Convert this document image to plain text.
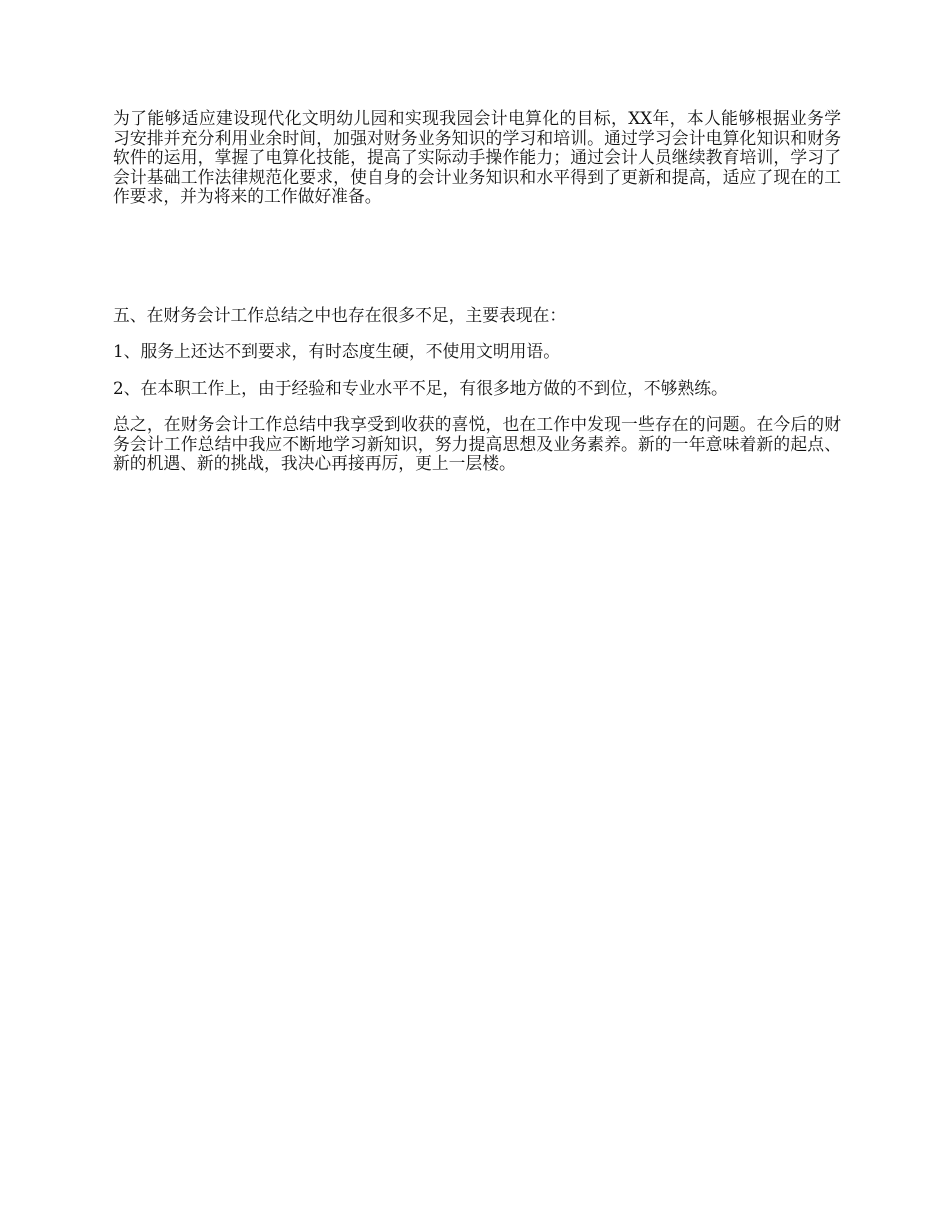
为了能够适应建设现代化文明幼儿园和实现我园会计电算化的目标，XX年，本人能够根据业务学习安排并充分利用业余时间，加强对财务业务知识的学习和培训。通过学习会计电算化知识和财务软件的运用，掌握了电算化技能，提高了实际动手操作能力；通过会计人员继续教育培训，学习了会计基础工作法律规范化要求，使自身的会计业务知识和水平得到了更新和提高，适应了现在的工作要求，并为将来的工作做好准备。

五、在财务会计工作总结之中也存在很多不足，主要表现在：

1、服务上还达不到要求，有时态度生硬，不使用文明用语。

2、在本职工作上，由于经验和专业水平不足，有很多地方做的不到位，不够熟练。

总之，在财务会计工作总结中我享受到收获的喜悦，也在工作中发现一些存在的问题。在今后的财务会计工作总结中我应不断地学习新知识，努力提高思想及业务素养。新的一年意味着新的起点、新的机遇、新的挑战，我决心再接再厉，更上一层楼。
